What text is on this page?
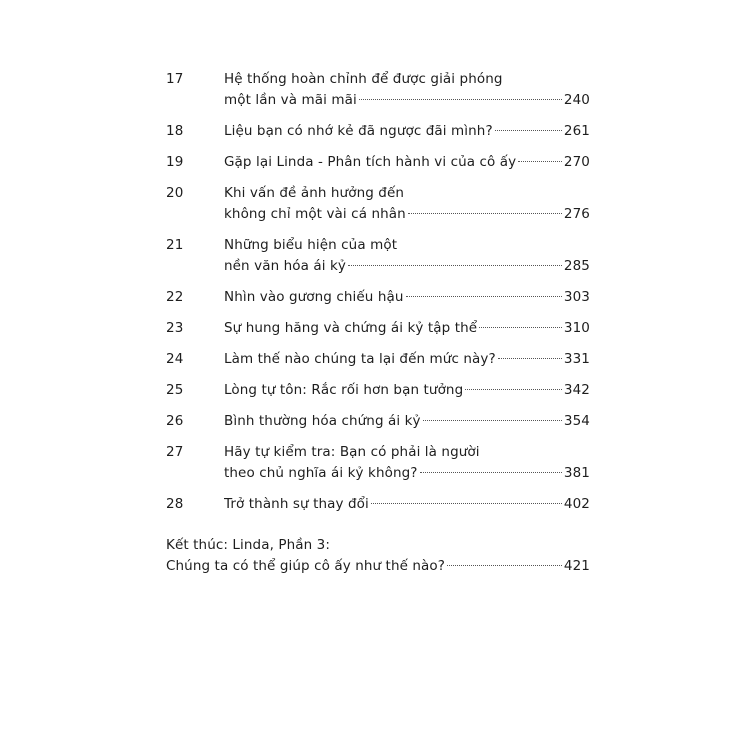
17	Hệ thống hoàn chỉnh để được giải phóng
một lần và mãi mãi	240
18	Liệu bạn có nhớ kẻ đã ngược đãi mình?	261
19	Gặp lại Linda - Phân tích hành vi của cô ấy	270
20	Khi vấn đề ảnh hưởng đến
không chỉ một vài cá nhân	276
21	Những biểu hiện của một
nền văn hóa ái kỷ	285
22	Nhìn vào gương chiếu hậu	303
23	Sự hung hăng và chứng ái kỷ tập thể	310
24	Làm thế nào chúng ta lại đến mức này?	331
25	Lòng tự tôn: Rắc rối hơn bạn tưởng	342
26	Bình thường hóa chứng ái kỷ	354
27	Hãy tự kiểm tra: Bạn có phải là người
theo chủ nghĩa ái kỷ không?	381
28	Trở thành sự thay đổi	402
Kết thúc: Linda, Phần 3:
Chúng ta có thể giúp cô ấy như thế nào?	421
